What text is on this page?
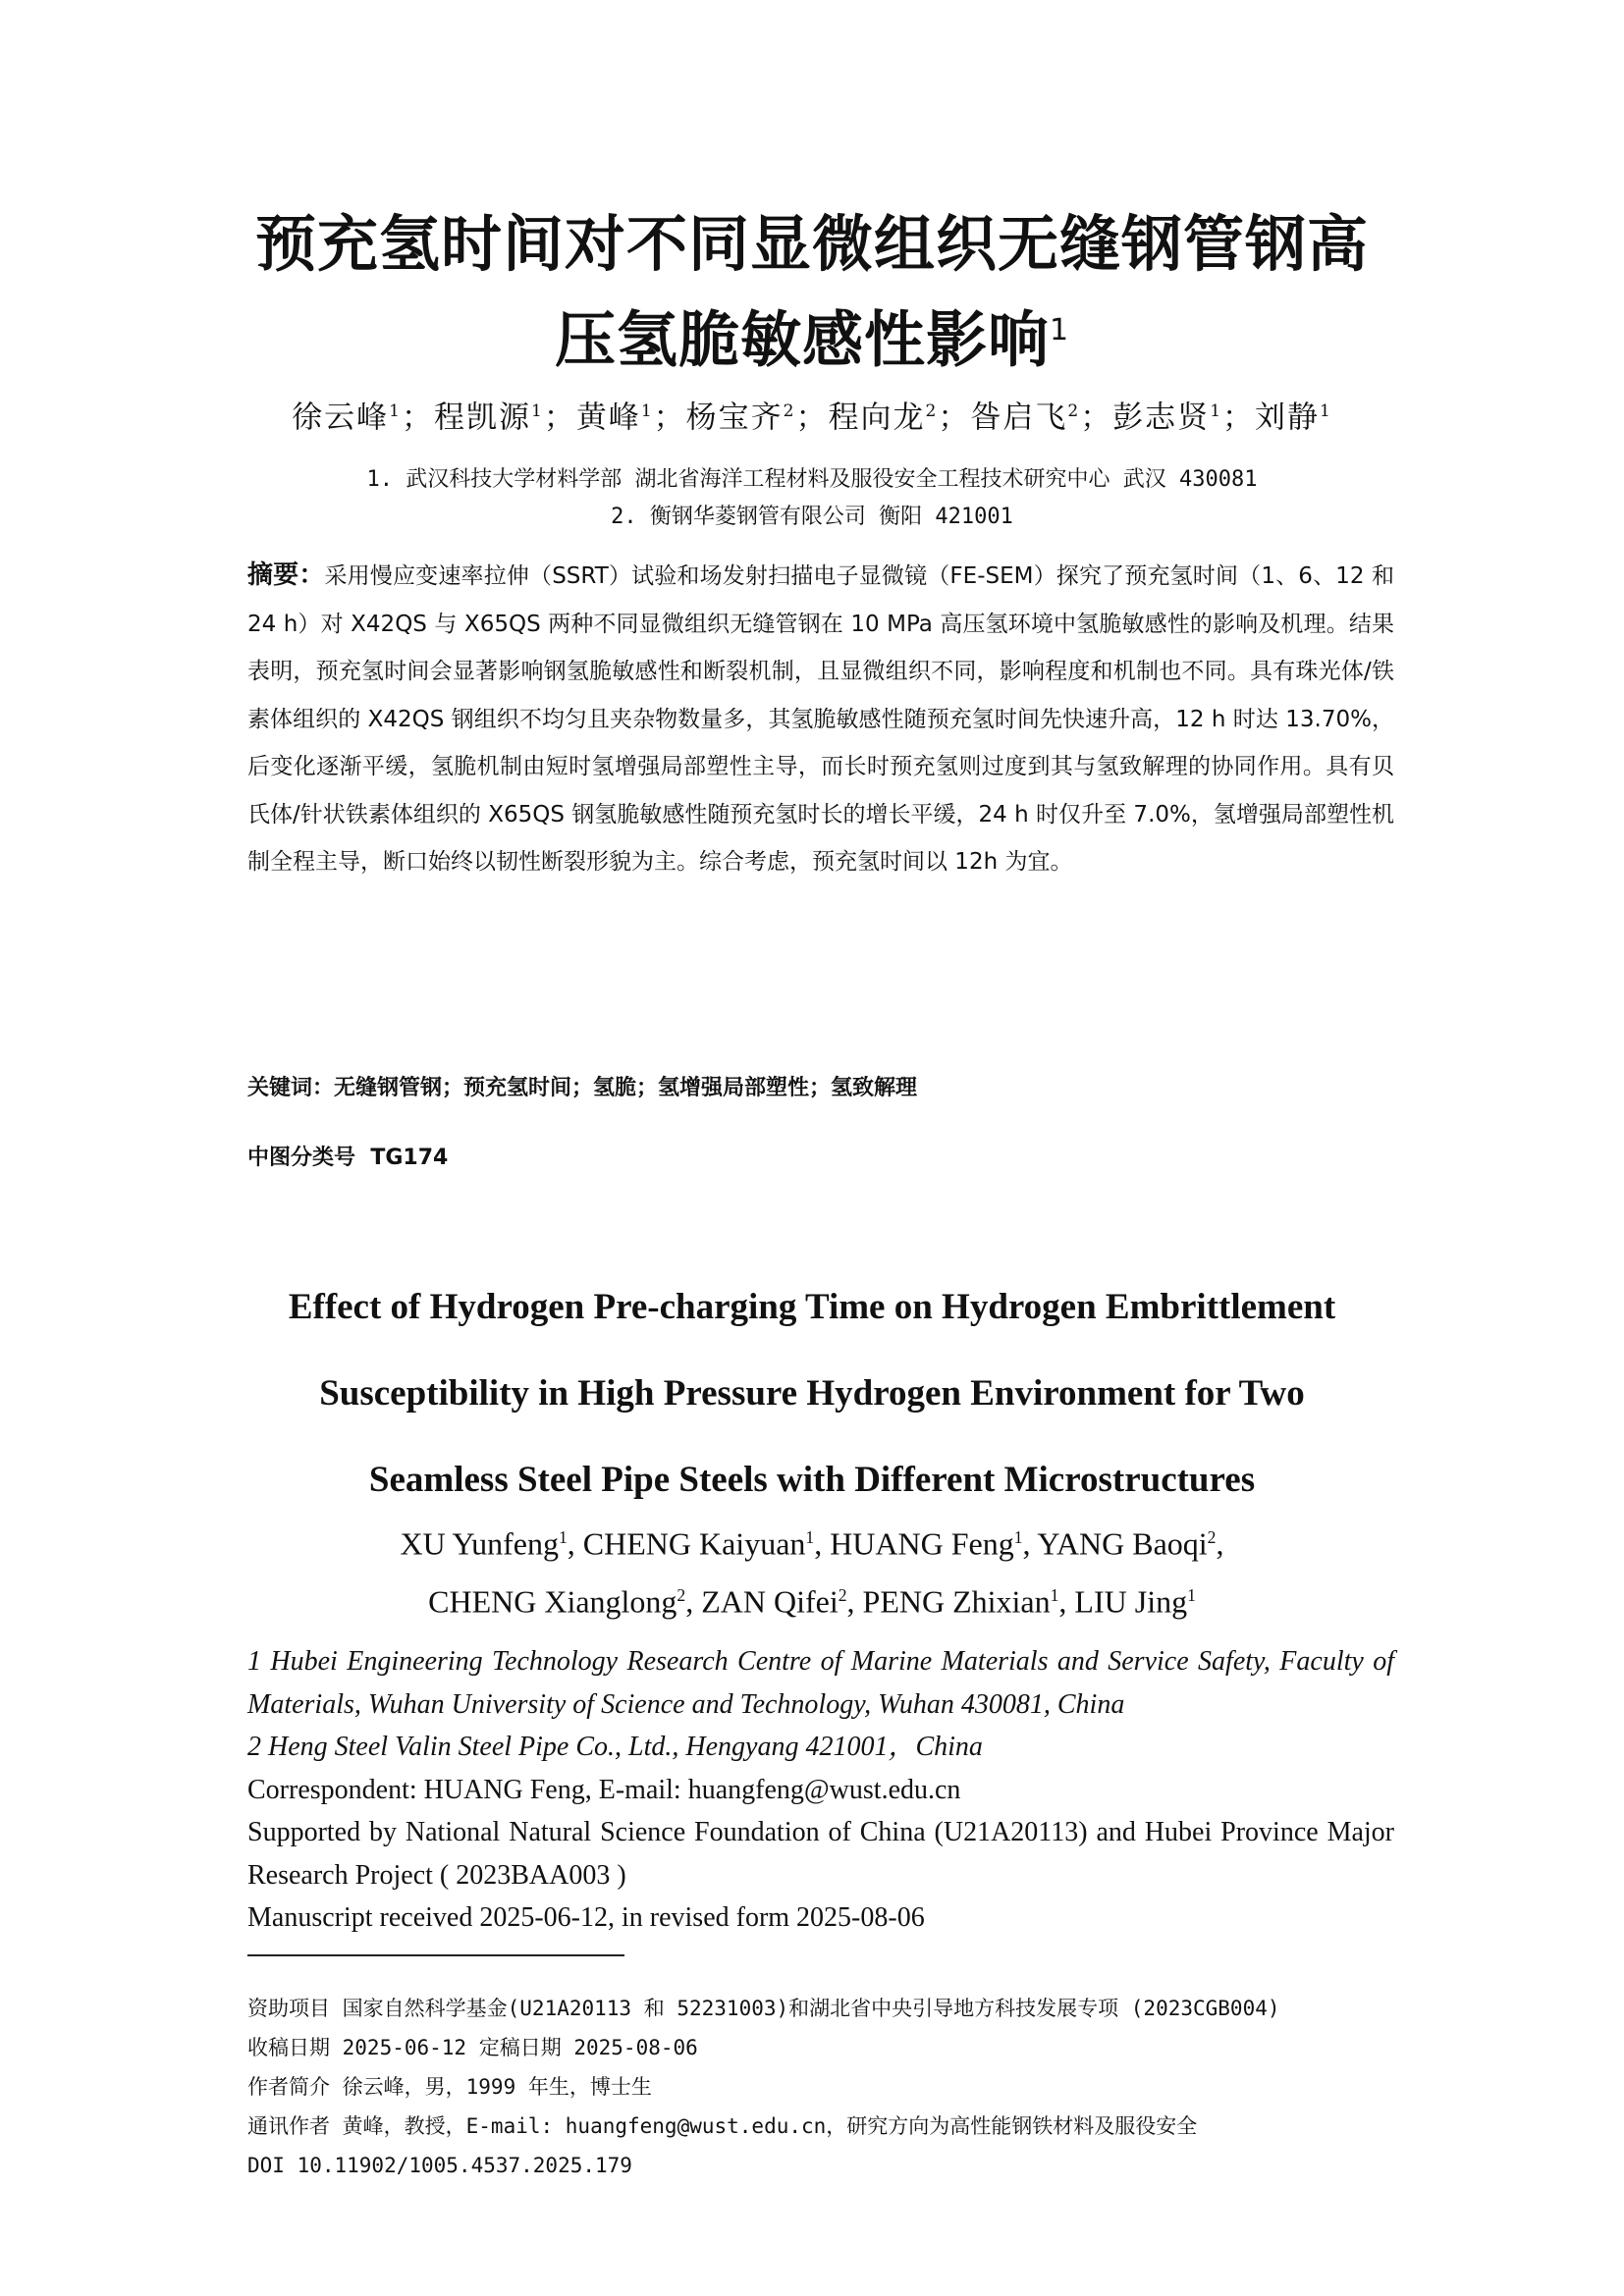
预充氢时间对不同显微组织无缝钢管钢高
压氢脆敏感性影响$^1$
徐云峰$^1$；程凯源$^1$；黄峰$^1$；杨宝齐$^2$；程向龙$^2$；昝启飞$^2$；彭志贤$^1$；刘静$^1$
1. 武汉科技大学材料学部 湖北省海洋工程材料及服役安全工程技术研究中心 武汉 430081
2. 衡钢华菱钢管有限公司 衡阳 421001
摘要：采用慢应变速率拉伸（SSRT）试验和场发射扫描电子显微镜（FE-SEM）探究了预充氢时间（1、6、12 和 24 h）对 X42QS 与 X65QS 两种不同显微组织无缝管钢在 10 MPa 高压氢环境中氢脆敏感性的影响及机理。结果表明，预充氢时间会显著影响钢氢脆敏感性和断裂机制，且显微组织不同，影响程度和机制也不同。具有珠光体/铁素体组织的 X42QS 钢组织不均匀且夹杂物数量多，其氢脆敏感性随预充氢时间先快速升高，12 h 时达 13.70%，后变化逐渐平缓，氢脆机制由短时氢增强局部塑性主导，而长时预充氢则过度到其与氢致解理的协同作用。具有贝氏体/针状铁素体组织的 X65QS 钢氢脆敏感性随预充氢时长的增长平缓，24 h 时仅升至 7.0%，氢增强局部塑性机制全程主导，断口始终以韧性断裂形貌为主。综合考虑，预充氢时间以 12h 为宜。
关键词：无缝钢管钢；预充氢时间；氢脆；氢增强局部塑性；氢致解理
中图分类号 TG174
Effect of Hydrogen Pre-charging Time on Hydrogen Embrittlement
Susceptibility in High Pressure Hydrogen Environment for Two
Seamless Steel Pipe Steels with Different Microstructures
XU Yunfeng$^1$, CHENG Kaiyuan$^1$, HUANG Feng$^1$, YANG Baoqi$^2$,
CHENG Xianglong$^2$, ZAN Qifei$^2$, PENG Zhixian$^1$, LIU Jing$^1$
1 Hubei Engineering Technology Research Centre of Marine Materials and Service Safety, Faculty of Materials, Wuhan University of Science and Technology, Wuhan 430081, China
2 Heng Steel Valin Steel Pipe Co., Ltd., Hengyang 421001，China
Correspondent: HUANG Feng, E-mail: huangfeng@wust.edu.cn
Supported by National Natural Science Foundation of China (U21A20113) and Hubei Province Major Research Project ( 2023BAA003 )
Manuscript received 2025-06-12, in revised form 2025-08-06
资助项目 国家自然科学基金(U21A20113 和 52231003)和湖北省中央引导地方科技发展专项 (2023CGB004)
收稿日期 2025-06-12 定稿日期 2025-08-06
作者简介 徐云峰，男，1999 年生，博士生
通讯作者 黄峰，教授，E-mail: huangfeng@wust.edu.cn，研究方向为高性能钢铁材料及服役安全
DOI 10.11902/1005.4537.2025.179
